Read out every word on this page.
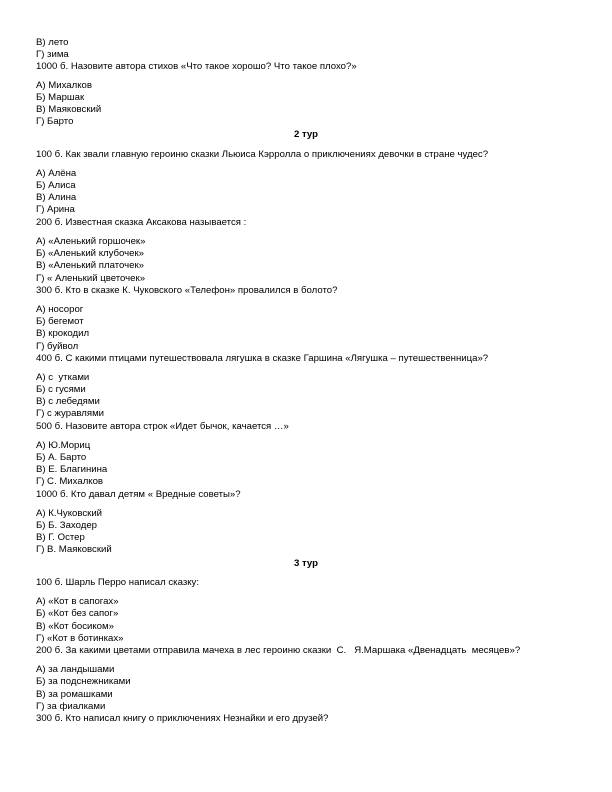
В) лето
Г) зима
1000 б. Назовите автора стихов «Что такое хорошо? Что такое плохо?»
А) Михалков
Б) Маршак
В) Маяковский
Г) Барто
2 тур
100 б. Как звали главную героиню сказки Льюиса Кэрролла о приключениях девочки в стране чудес?
А) Алёна
Б) Алиса
В) Алина
Г) Арина
200 б. Известная сказка Аксакова называется :
А) «Аленький горшочек»
Б) «Аленький клубочек»
В) «Аленький платочек»
Г) « Аленький цветочек»
300 б. Кто в сказке К. Чуковского «Телефон» провалился в болото?
А) носорог
Б) бегемот
В) крокодил
Г) буйвол
400 б. С какими птицами путешествовала лягушка в сказке Гаршина «Лягушка – путешественница»?
А) с  утками
Б) с гусями
В) с лебедями
Г) с журавлями
500 б. Назовите автора строк «Идет бычок, качается …»
А) Ю.Мориц
Б) А. Барто
В) Е. Благинина
Г) С. Михалков
1000 б. Кто давал детям « Вредные советы»?
А) К.Чуковский
Б) Б. Заходер
В) Г. Остер
Г) В. Маяковский
3 тур
100 б. Шарль Перро написал сказку:
А) «Кот в сапогах»
Б) «Кот без сапог»
В) «Кот босиком»
Г) «Кот в ботинках»
200 б. За какими цветами отправила мачеха в лес героиню сказки  С.   Я.Маршака «Двенадцать  месяцев»?
А) за ландышами
Б) за подснежниками
В) за ромашками
Г) за фиалками
300 б. Кто написал книгу о приключениях Незнайки и его друзей?
